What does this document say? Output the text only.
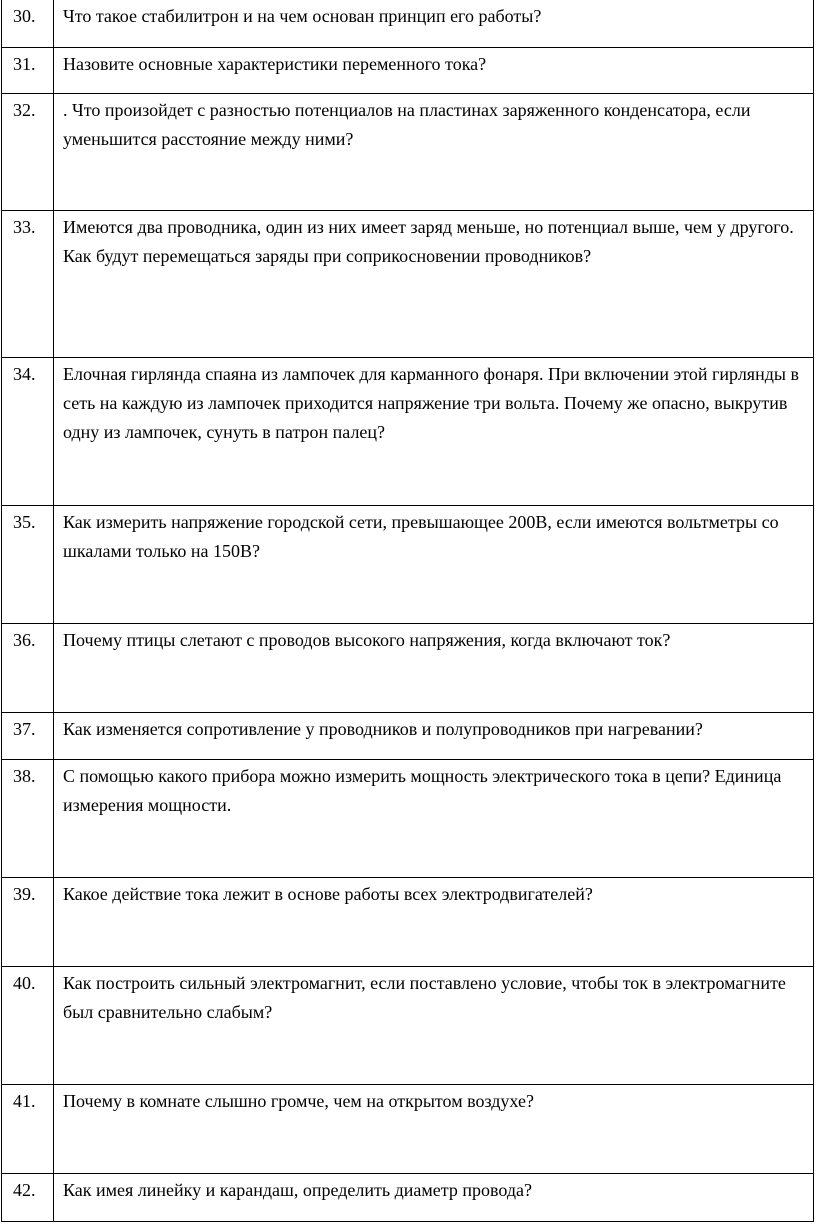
30.	Что такое стабилитрон и на чем основан принцип его работы?
31.	Назовите основные характеристики переменного тока?
32.	. Что произойдет с разностью потенциалов на пластинах заряженного конденсатора, если уменьшится расстояние между ними?
33.	Имеются два проводника, один из них имеет заряд меньше, но потенциал выше, чем у другого. Как будут перемещаться заряды при соприкосновении проводников?
34.	Елочная гирлянда спаяна из лампочек для карманного фонаря. При включении этой гирлянды в сеть на каждую из лампочек приходится напряжение три вольта. Почему же опасно, выкрутив одну из лампочек, сунуть в патрон палец?
35.	Как измерить напряжение городской сети, превышающее 200В, если имеются вольтметры со шкалами только на 150В?
36.	Почему птицы слетают с проводов высокого напряжения, когда включают ток?
37.	Как изменяется сопротивление у проводников и полупроводников при нагревании?
38.	С помощью какого прибора можно измерить мощность электрического тока в цепи? Единица измерения мощности.
39.	Какое действие тока лежит в основе работы всех электродвигателей?
40.	Как построить сильный электромагнит, если поставлено условие, чтобы ток в электромагните был сравнительно слабым?
41.	Почему в комнате слышно громче, чем на открытом воздухе?
42.	Как имея линейку и карандаш, определить диаметр провода?
